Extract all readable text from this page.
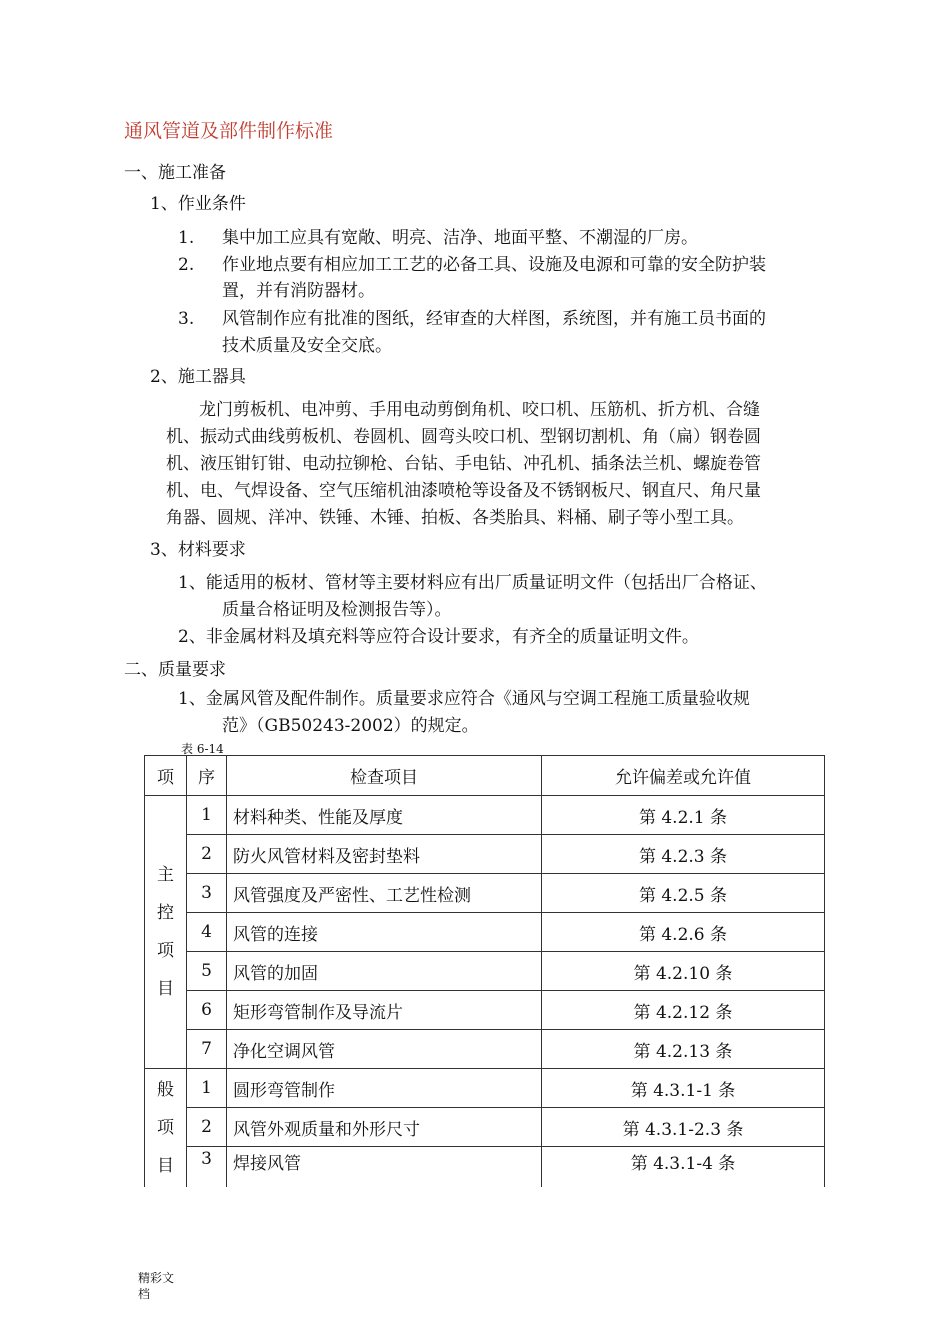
通风管道及部件制作标准
一、施工准备
1、作业条件
1. 集中加工应具有宽敞、明亮、洁净、地面平整、不潮湿的厂房。
2. 作业地点要有相应加工工艺的必备工具、设施及电源和可靠的安全防护装
置，并有消防器材。
3. 风管制作应有批准的图纸，经审查的大样图，系统图，并有施工员书面的
技术质量及安全交底。
2、施工器具
龙门剪板机、电冲剪、手用电动剪倒角机、咬口机、压筋机、折方机、合缝
机、振动式曲线剪板机、卷圆机、圆弯头咬口机、型钢切割机、角（扁）钢卷圆
机、液压钳钉钳、电动拉铆枪、台钻、手电钻、冲孔机、插条法兰机、螺旋卷管
机、电、气焊设备、空气压缩机油漆喷枪等设备及不锈钢板尺、钢直尺、角尺量
角器、圆规、洋冲、铁锤、木锤、拍板、各类胎具、料桶、刷子等小型工具。
3、材料要求
1、能适用的板材、管材等主要材料应有出厂质量证明文件（包括出厂合格证、
质量合格证明及检测报告等）。
2、非金属材料及填充料等应符合设计要求，有齐全的质量证明文件。
二、质量要求
1、金属风管及配件制作。质量要求应符合《通风与空调工程施工质量验收规
范》（GB50243-2002）的规定。
表 6-14
项	序	检查项目	允许偏差或允许值

主
控
项
目	1	材料种类、性能及厚度	第 4.2.1 条
	2	防火风管材料及密封垫料	第 4.2.3 条
	3	风管强度及严密性、工艺性检测	第 4.2.5 条
	4	风管的连接	第 4.2.6 条
	5	风管的加固	第 4.2.10 条
	6	矩形弯管制作及导流片	第 4.2.12 条
	7	净化空调风管	第 4.2.13 条

般
项
目	1	圆形弯管制作	第 4.3.1-1 条
	2	风管外观质量和外形尺寸	第 4.3.1-2.3 条
	3	焊接风管	第 4.3.1-4 条
精彩文
档
